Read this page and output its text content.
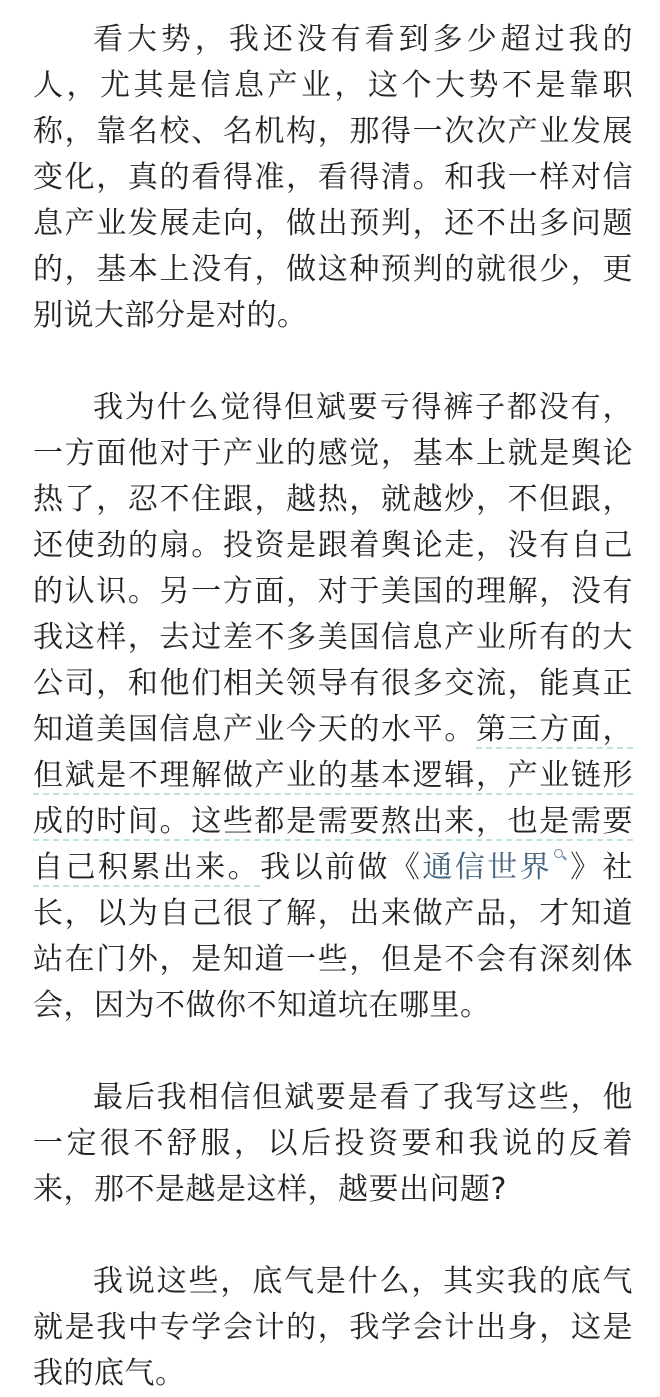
看大势，我还没有看到多少超过我的人，尤其是信息产业，这个大势不是靠职称，靠名校、名机构，那得一次次产业发展变化，真的看得准，看得清。和我一样对信息产业发展走向，做出预判，还不出多问题的，基本上没有，做这种预判的就很少，更别说大部分是对的。

我为什么觉得但斌要亏得裤子都没有，一方面他对于产业的感觉，基本上就是舆论热了，忍不住跟，越热，就越炒，不但跟，还使劲的扇。投资是跟着舆论走，没有自己的认识。另一方面，对于美国的理解，没有我这样，去过差不多美国信息产业所有的大公司，和他们相关领导有很多交流，能真正知道美国信息产业今天的水平。第三方面，但斌是不理解做产业的基本逻辑，产业链形成的时间。这些都是需要熬出来，也是需要自己积累出来。我以前做《通信世界 》社长，以为自己很了解，出来做产品，才知道站在门外，是知道一些，但是不会有深刻体会，因为不做你不知道坑在哪里。

最后我相信但斌要是看了我写这些，他一定很不舒服，以后投资要和我说的反着来，那不是越是这样，越要出问题?

我说这些，底气是什么，其实我的底气就是我中专学会计的，我学会计出身，这是我的底气。
